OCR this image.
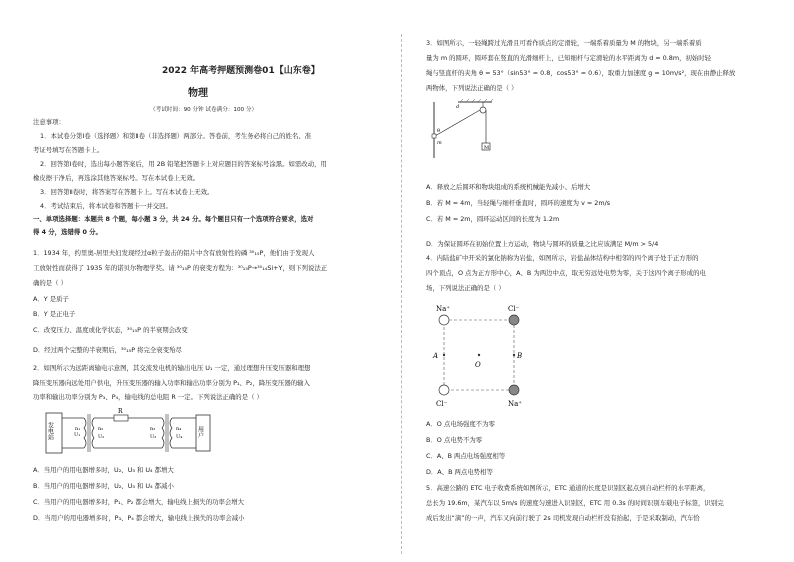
2022 年高考押题预测卷01【山东卷】
物理
（考试时间：90 分钟 试卷满分：100 分）
注意事项：
1．本试卷分第Ⅰ卷（选择题）和第Ⅱ卷（非选择题）两部分。答卷前，考生务必将自己的姓名、准
考证号填写在答题卡上。
2．回答第Ⅰ卷时，选出每小题答案后，用 2B 铅笔把答题卡上对应题目的答案标号涂黑。如需改动，用
橡皮擦干净后，再选涂其他答案标号。写在本试卷上无效。
3．回答第Ⅱ卷时，将答案写在答题卡上。写在本试卷上无效。
4．考试结束后，将本试卷和答题卡一并交回。
一、单项选择题：本题共 8 个题，每小题 3 分，共 24 分。每个题目只有一个选项符合要求，选对
得 4 分，选错得 0 分。
1．1934 年，约里奥-居里夫妇发现经过α粒子轰击的铝片中含有放射性的磷 ³⁰₁₅P，他们由于发现人
工放射性而获得了 1935 年的诺贝尔物理学奖。请 ³⁰₁₅P 的衰变方程为：³⁰₁₅P→³⁰₁₄Si+Y，则下列说法正
确的是（ ）
A．Y 是质子
B．Y 是正电子
C．改变压力、温度或化学状态，³⁰₁₅P 的半衰期会改变
D．经过两个完整的半衰期后，³⁰₁₅P 将完全衰变殆尽
2．如图所示为远距离输电示意图，其交流发电机的输出电压 U₁ 一定，通过理想升压变压器和理想
降压变压器向远处用户供电，升压变压器的输入功率和输出功率分别为 P₁、P₂，降压变压器的输入
功率和输出功率分别为 P₃、P₄，输电线的总电阻 R 一定。下列说法正确的是（ ）
发电站
R
用户
U₁
n₁	n₂
U₂
n₃
U₃
n₄
U₄
A．当用户的用电器增多时，U₂、U₃ 和 U₄ 都增大
B．当用户的用电器增多时，U₂、U₃ 和 U₄ 都减小
C．当用户的用电器增多时，P₁、P₂ 都会增大，输电线上损失的功率会增大
D．当用户的用电器增多时，P₃、P₄ 都会增大，输电线上损失的功率会减小
3．如图所示，一轻绳跨过光滑且可看作质点的定滑轮，一端系着质量为 M 的物块，另一端系着质
量为 m 的圆环，圆环套在竖直的光滑细杆上，已知细杆与定滑轮的水平距离为 d = 0.8m，初始时轻
绳与竖直杆的夹角 θ = 53°（sin53° = 0.8，cos53° = 0.6），取重力加速度 g = 10m/s²，现在由静止释放
两物体，下列说法正确的是（ ）
M
m
θ
d
A．释放之后圆环和物块组成的系统机械能先减小、后增大
B．若 M = 4m，当轻绳与细杆垂直时，圆环的速度为 v = 2m/s
C．若 M = 2m，圆环运动区间的长度为 1.2m
D．为保证圆环在初始位置上方运动，物块与圆环的质量之比应该满足 M/m > 5/4
4．内陆盐矿中开采的氯化钠称为岩盐，如图所示，岩盐晶体结构中相邻的四个离子处于正方形的
四个顶点，O 点为正方形中心，A、B 为两边中点，取无穷远处电势为零，关于这四个离子形成的电
场，下列说法正确的是（ ）
Na⁺	Cl⁻
Cl⁻	Na⁺
A	B
O
A．O 点电场强度不为零
B．O 点电势不为零
C．A、B 两点电场强度相等
D．A、B 两点电势相等
5．高速公路的 ETC 电子收费系统如图所示，ETC 通道的长度是识别区起点到自动栏杆的水平距离，
总长为 19.6m，某汽车以 5m/s 的速度匀速进入识别区，ETC 用 0.3s 的时间识别车载电子标签，识别完
成后发出“滴”的一声，汽车又向前行驶了 2s 司机发现自动栏杆没有抬起，于是采取制动，汽车恰
